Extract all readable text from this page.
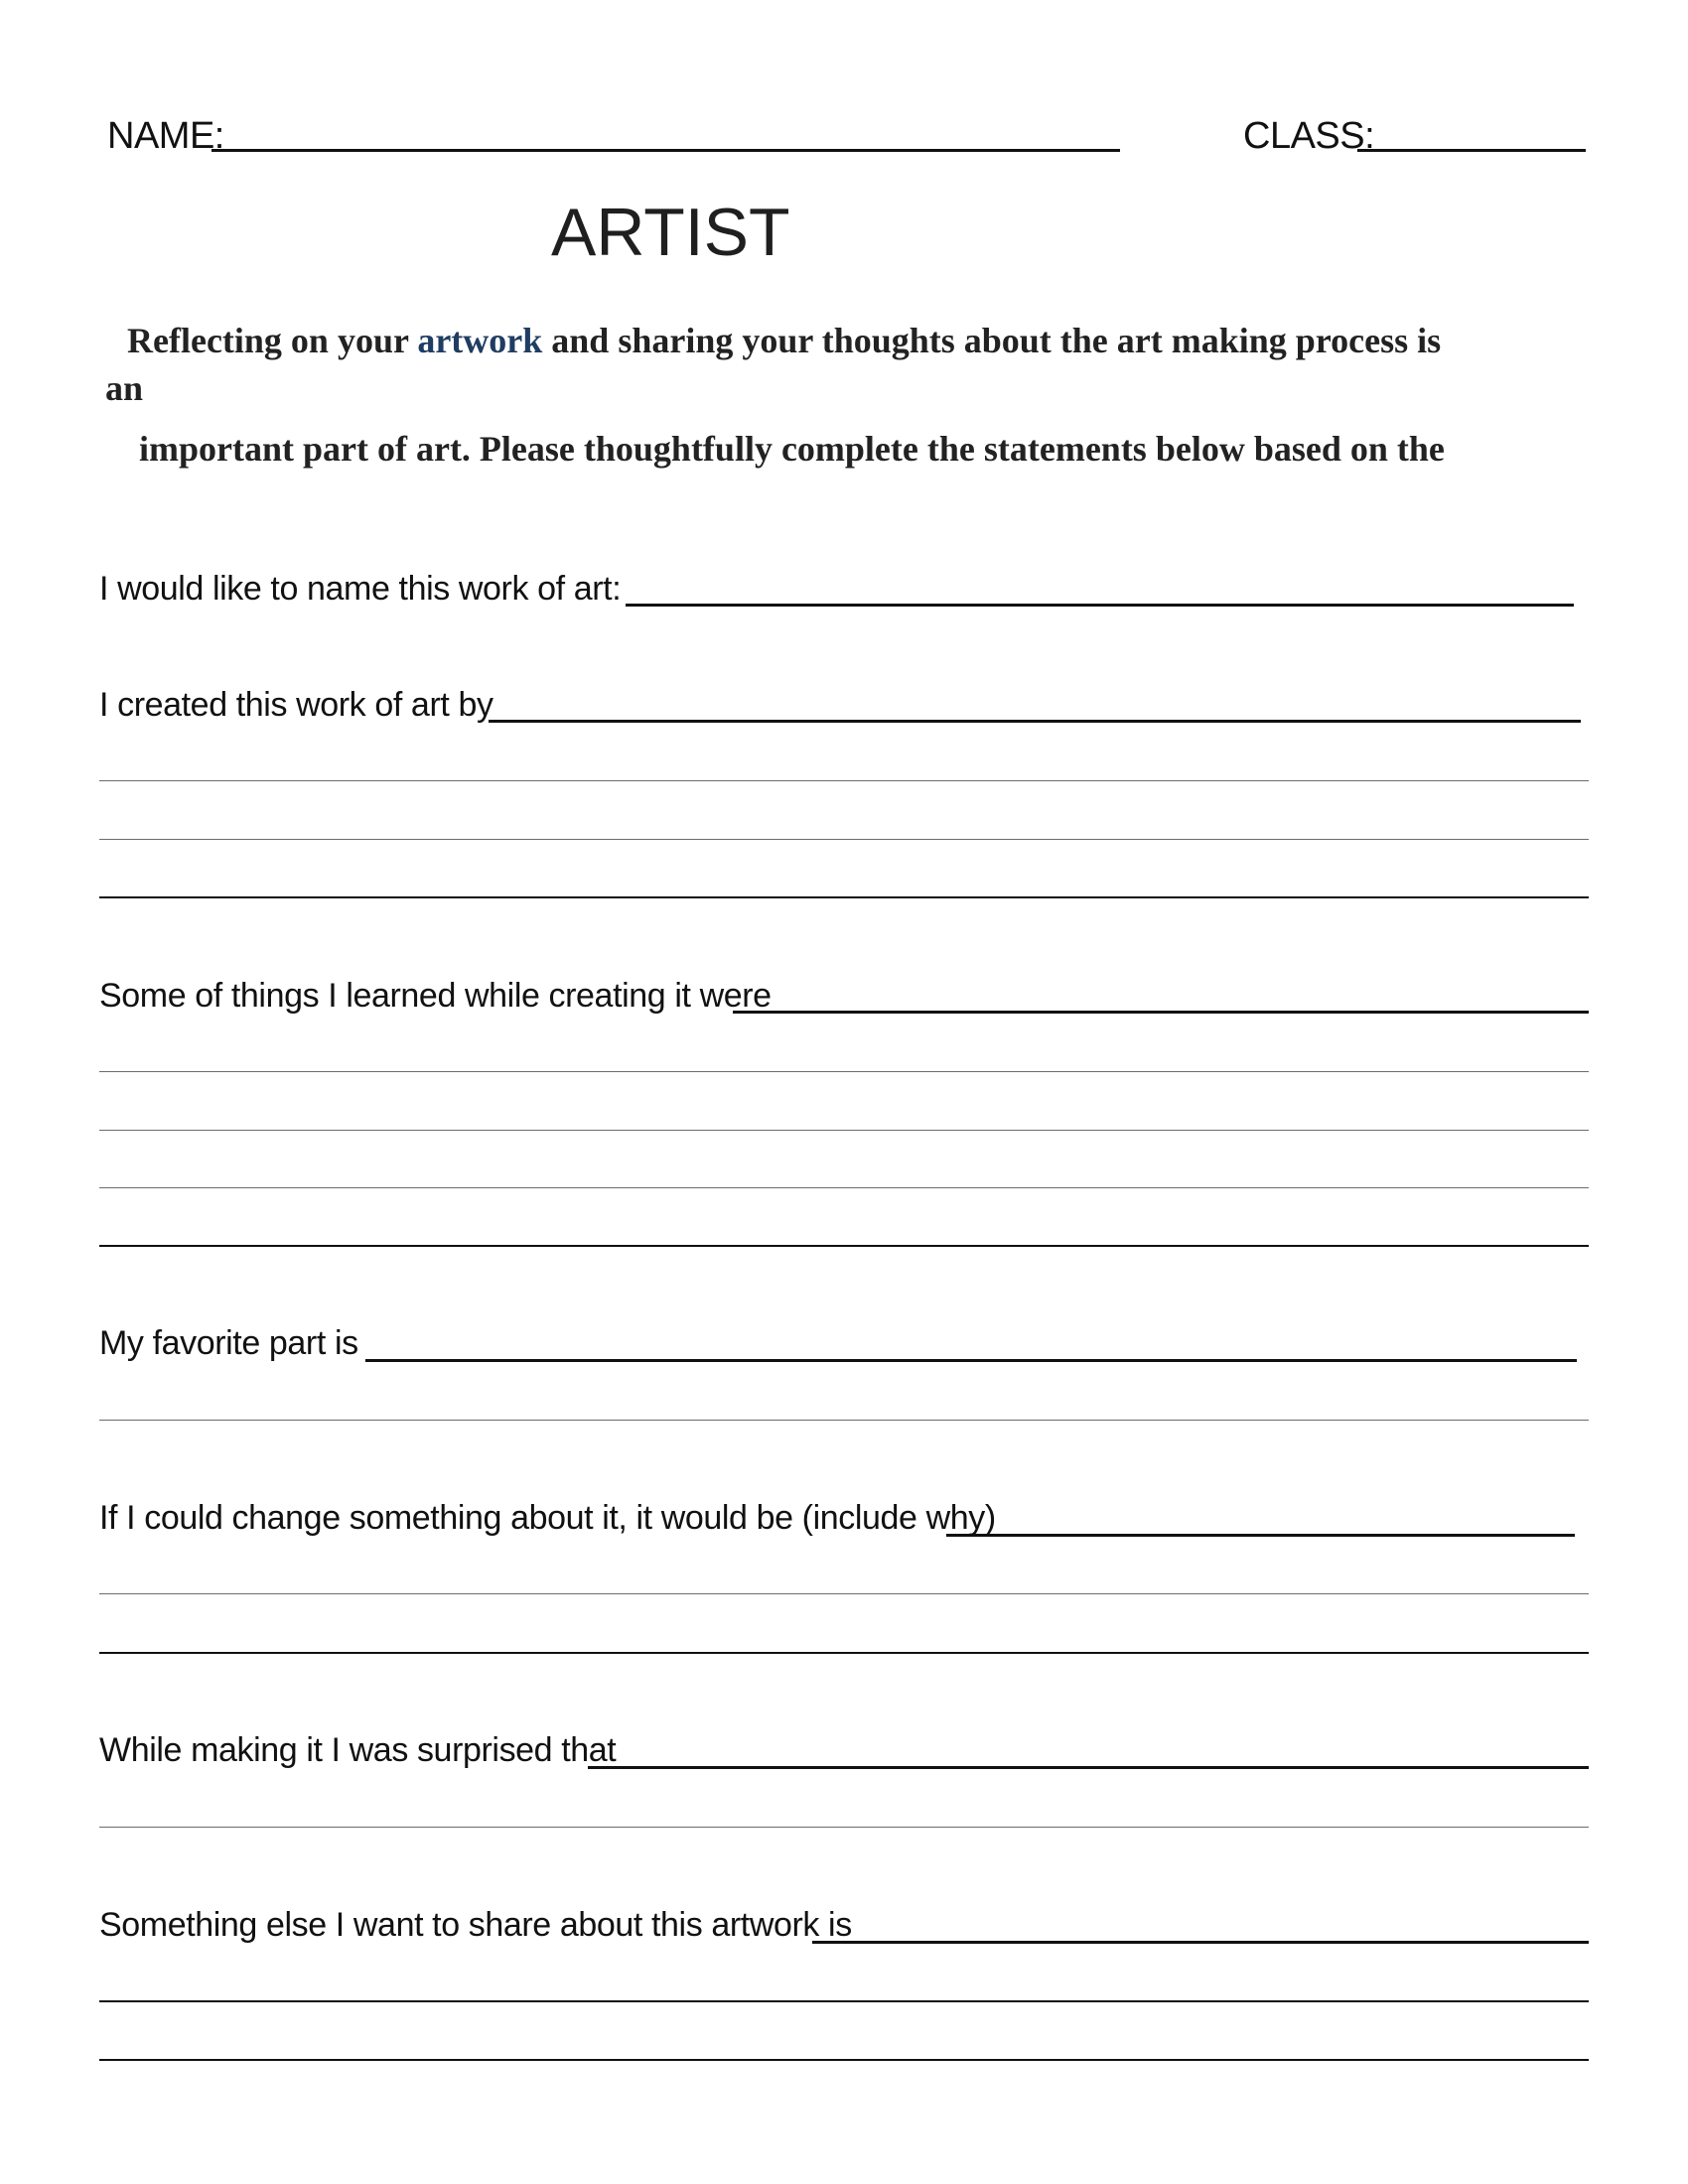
NAME:	CLASS:
ARTIST
Reflecting on your artwork and sharing your thoughts about the art making process is
an
important part of art. Please thoughtfully complete the statements below based on the
I would like to name this work of art:
I created this work of art by
Some of things I learned while creating it were
My favorite part is
If I could change something about it, it would be (include why)
While making it I was surprised that
Something else I want to share about this artwork is
